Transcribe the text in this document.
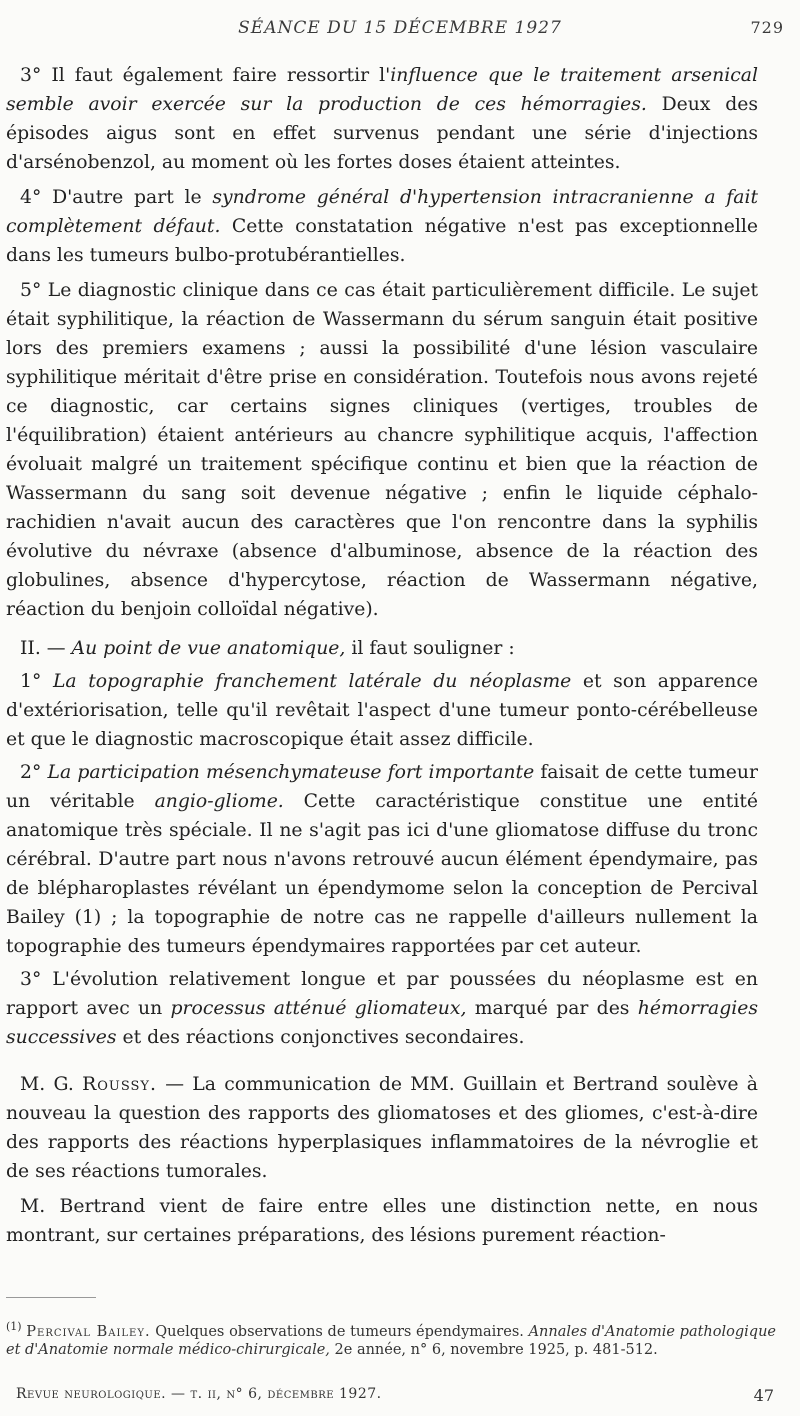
SÉANCE DU 15 DÉCEMBRE 1927	729

3° Il faut également faire ressortir l'influence que le traitement arsenical semble avoir exercée sur la production de ces hémorragies. Deux des épisodes aigus sont en effet survenus pendant une série d'injections d'arsénobenzol, au moment où les fortes doses étaient atteintes.

4° D'autre part le syndrome général d'hypertension intracranienne a fait complètement défaut. Cette constatation négative n'est pas exceptionnelle dans les tumeurs bulbo-protubérantielles.

5° Le diagnostic clinique dans ce cas était particulièrement difficile. Le sujet était syphilitique, la réaction de Wassermann du sérum sanguin était positive lors des premiers examens ; aussi la possibilité d'une lésion vasculaire syphilitique méritait d'être prise en considération. Toutefois nous avons rejeté ce diagnostic, car certains signes cliniques (vertiges, troubles de l'équilibration) étaient antérieurs au chancre syphilitique acquis, l'affection évoluait malgré un traitement spécifique continu et bien que la réaction de Wassermann du sang soit devenue négative ; enfin le liquide céphalo-rachidien n'avait aucun des caractères que l'on rencontre dans la syphilis évolutive du névraxe (absence d'albuminose, absence de la réaction des globulines, absence d'hypercytose, réaction de Wassermann négative, réaction du benjoin colloïdal négative).

II. — Au point de vue anatomique, il faut souligner :

1° La topographie franchement latérale du néoplasme et son apparence d'extériorisation, telle qu'il revêtait l'aspect d'une tumeur ponto-cérébelleuse et que le diagnostic macroscopique était assez difficile.

2° La participation mésenchymateuse fort importante faisait de cette tumeur un véritable angio-gliome. Cette caractéristique constitue une entité anatomique très spéciale. Il ne s'agit pas ici d'une gliomatose diffuse du tronc cérébral. D'autre part nous n'avons retrouvé aucun élément épendymaire, pas de blépharoplastes révélant un épendymome selon la conception de Percival Bailey (1) ; la topographie de notre cas ne rappelle d'ailleurs nullement la topographie des tumeurs épendymaires rapportées par cet auteur.

3° L'évolution relativement longue et par poussées du néoplasme est en rapport avec un processus atténué gliomateux, marqué par des hémorragies successives et des réactions conjonctives secondaires.

M. G. Roussy. — La communication de MM. Guillain et Bertrand soulève à nouveau la question des rapports des gliomatoses et des gliomes, c'est-à-dire des rapports des réactions hyperplasiques inflammatoires de la névroglie et de ses réactions tumorales.

M. Bertrand vient de faire entre elles une distinction nette, en nous montrant, sur certaines préparations, des lésions purement réaction-

$^{(1)}$ Percival Bailey. Quelques observations de tumeurs épendymaires. Annales d'Anatomie pathologique et d'Anatomie normale médico-chirurgicale, 2e année, n° 6, novembre 1925, p. 481-512.
Revue neurologique. — t. ii, n° 6, décembre 1927.	47
